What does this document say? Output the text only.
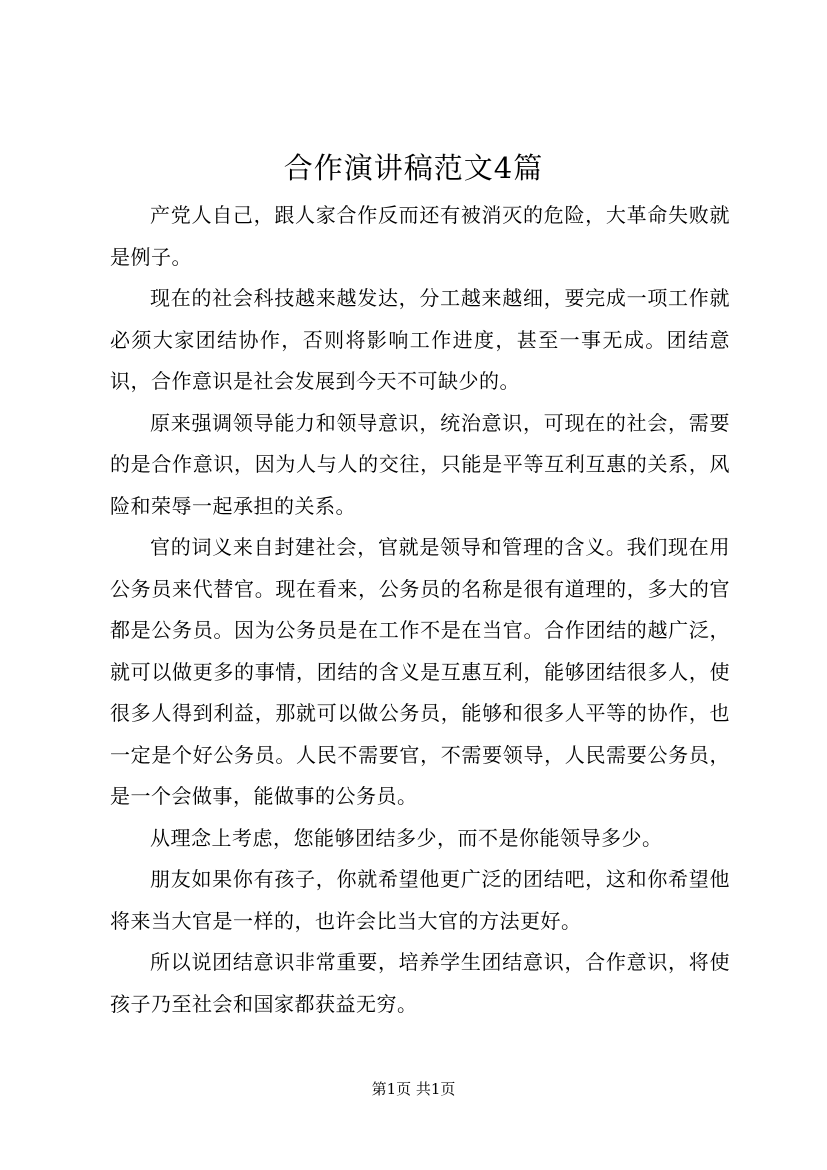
合作演讲稿范文4篇

产党人自己，跟人家合作反而还有被消灭的危险，大革命失败就是例子。

现在的社会科技越来越发达，分工越来越细，要完成一项工作就必须大家团结协作，否则将影响工作进度，甚至一事无成。团结意识，合作意识是社会发展到今天不可缺少的。

原来强调领导能力和领导意识，统治意识，可现在的社会，需要的是合作意识，因为人与人的交往，只能是平等互利互惠的关系，风险和荣辱一起承担的关系。

官的词义来自封建社会，官就是领导和管理的含义。我们现在用公务员来代替官。现在看来，公务员的名称是很有道理的，多大的官都是公务员。因为公务员是在工作不是在当官。合作团结的越广泛，就可以做更多的事情，团结的含义是互惠互利，能够团结很多人，使很多人得到利益，那就可以做公务员，能够和很多人平等的协作，也一定是个好公务员。人民不需要官，不需要领导，人民需要公务员，是一个会做事，能做事的公务员。

从理念上考虑，您能够团结多少，而不是你能领导多少。

朋友如果你有孩子，你就希望他更广泛的团结吧，这和你希望他将来当大官是一样的，也许会比当大官的方法更好。

所以说团结意识非常重要，培养学生团结意识，合作意识，将使孩子乃至社会和国家都获益无穷。

第1页 共1页
